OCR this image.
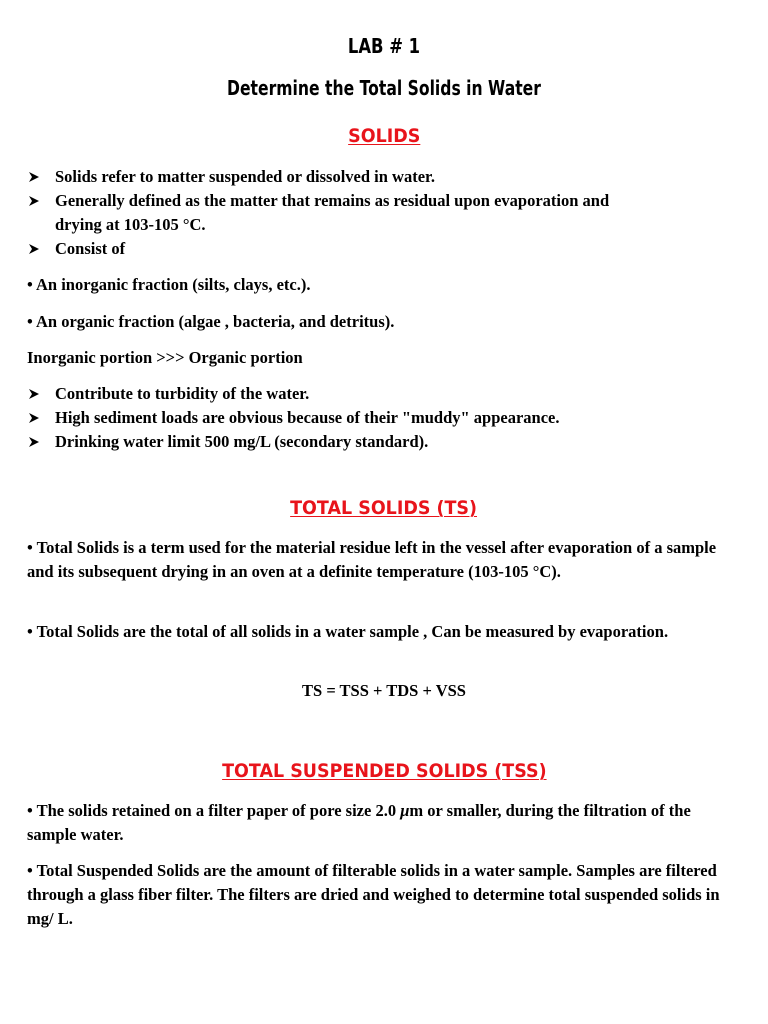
LAB # 1
Determine the Total Solids in Water
SOLIDS
Solids refer to matter suspended or dissolved in water.
Generally defined as the matter that remains as residual upon evaporation and
drying at 103-105 °C.
Consist of
• An inorganic fraction (silts, clays, etc.).
• An organic fraction (algae , bacteria, and detritus).
Inorganic portion >>> Organic portion
Contribute to turbidity of the water.
High sediment loads are obvious because of their "muddy" appearance.
Drinking water limit 500 mg/L (secondary standard).
TOTAL SOLIDS (TS)
• Total Solids is a term used for the material residue left in the vessel after evaporation of a sample and its subsequent drying in an oven at a definite temperature (103-105 °C).
• Total Solids are the total of all solids in a water sample , Can be measured by evaporation.
TS = TSS + TDS + VSS
TOTAL SUSPENDED SOLIDS (TSS)
• The solids retained on a filter paper of pore size 2.0 μm or smaller, during the filtration of the sample water.
• Total Suspended Solids are the amount of filterable solids in a water sample. Samples are filtered through a glass fiber filter. The filters are dried and weighed to determine total suspended solids in mg/ L.
